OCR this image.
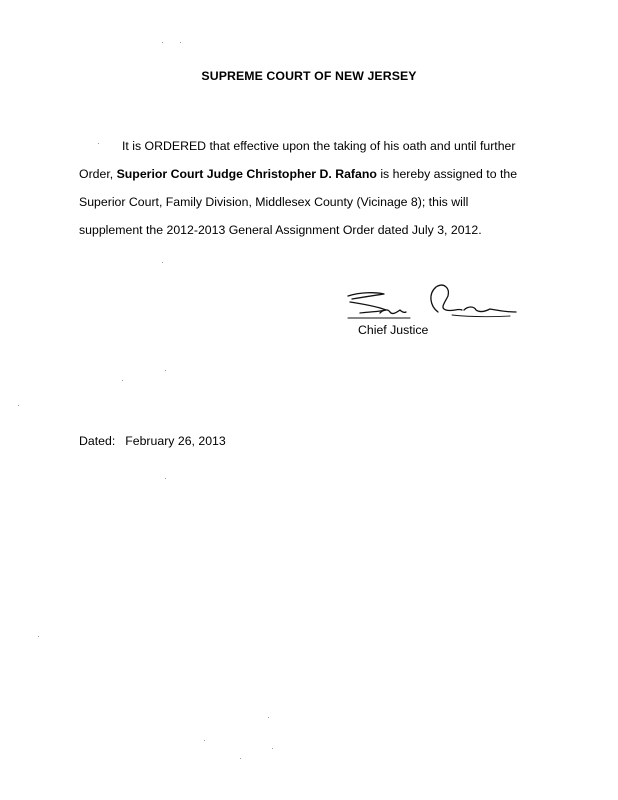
SUPREME COURT OF NEW JERSEY
It is ORDERED that effective upon the taking of his oath and until further
Order, Superior Court Judge Christopher D. Rafano is hereby assigned to the
Superior Court, Family Division, Middlesex County (Vicinage 8); this will
supplement the 2012-2013 General Assignment Order dated July 3, 2012.
Chief Justice
Dated: February 26, 2013
